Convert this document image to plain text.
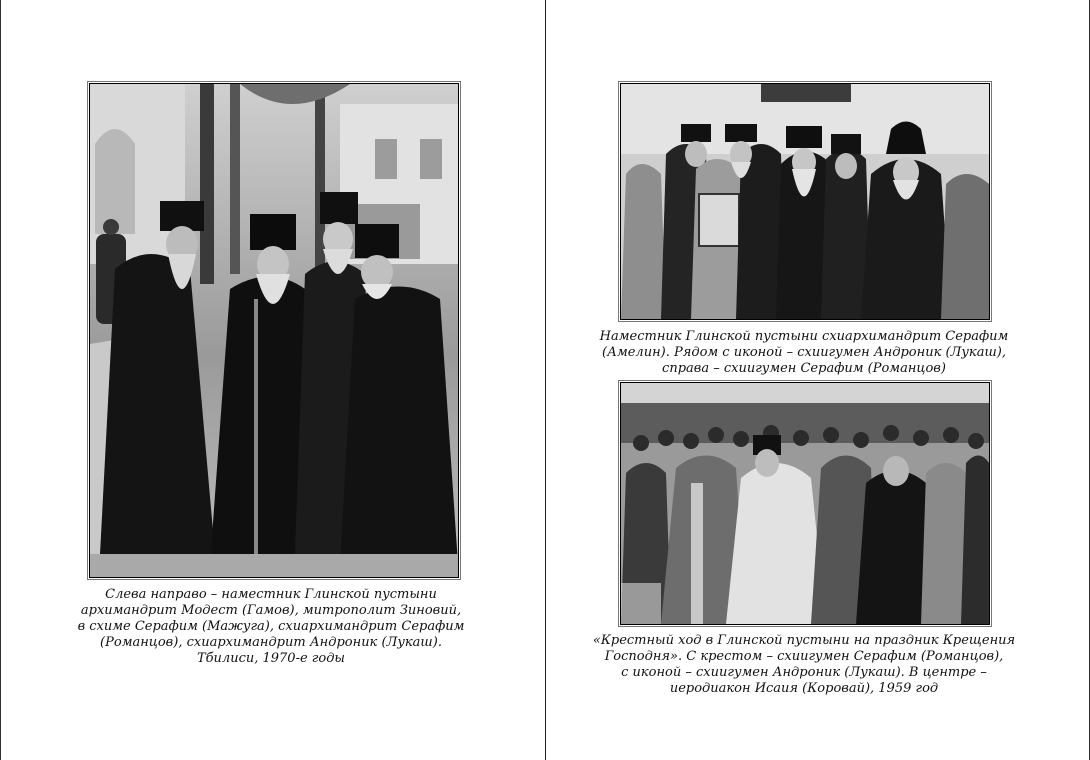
Слева направо – наместник Глинской пустыни
архимандрит Модест (Гамов), митрополит Зиновий,
в схиме Серафим (Мажуга), схиархимандрит Серафим
(Романцов), схиархимандрит Андроник (Лукаш).
Тбилиси, 1970-е годы
Наместник Глинской пустыни схиархимандрит Серафим
(Амелин). Рядом с иконой – схиигумен Андроник (Лукаш),
справа – схиигумен Серафим (Романцов)
«Крестный ход в Глинской пустыни на праздник Крещения
Господня». С крестом – схиигумен Серафим (Романцов),
с иконой – схиигумен Андроник (Лукаш). В центре –
иеродиакон Исаия (Коровай), 1959 год
